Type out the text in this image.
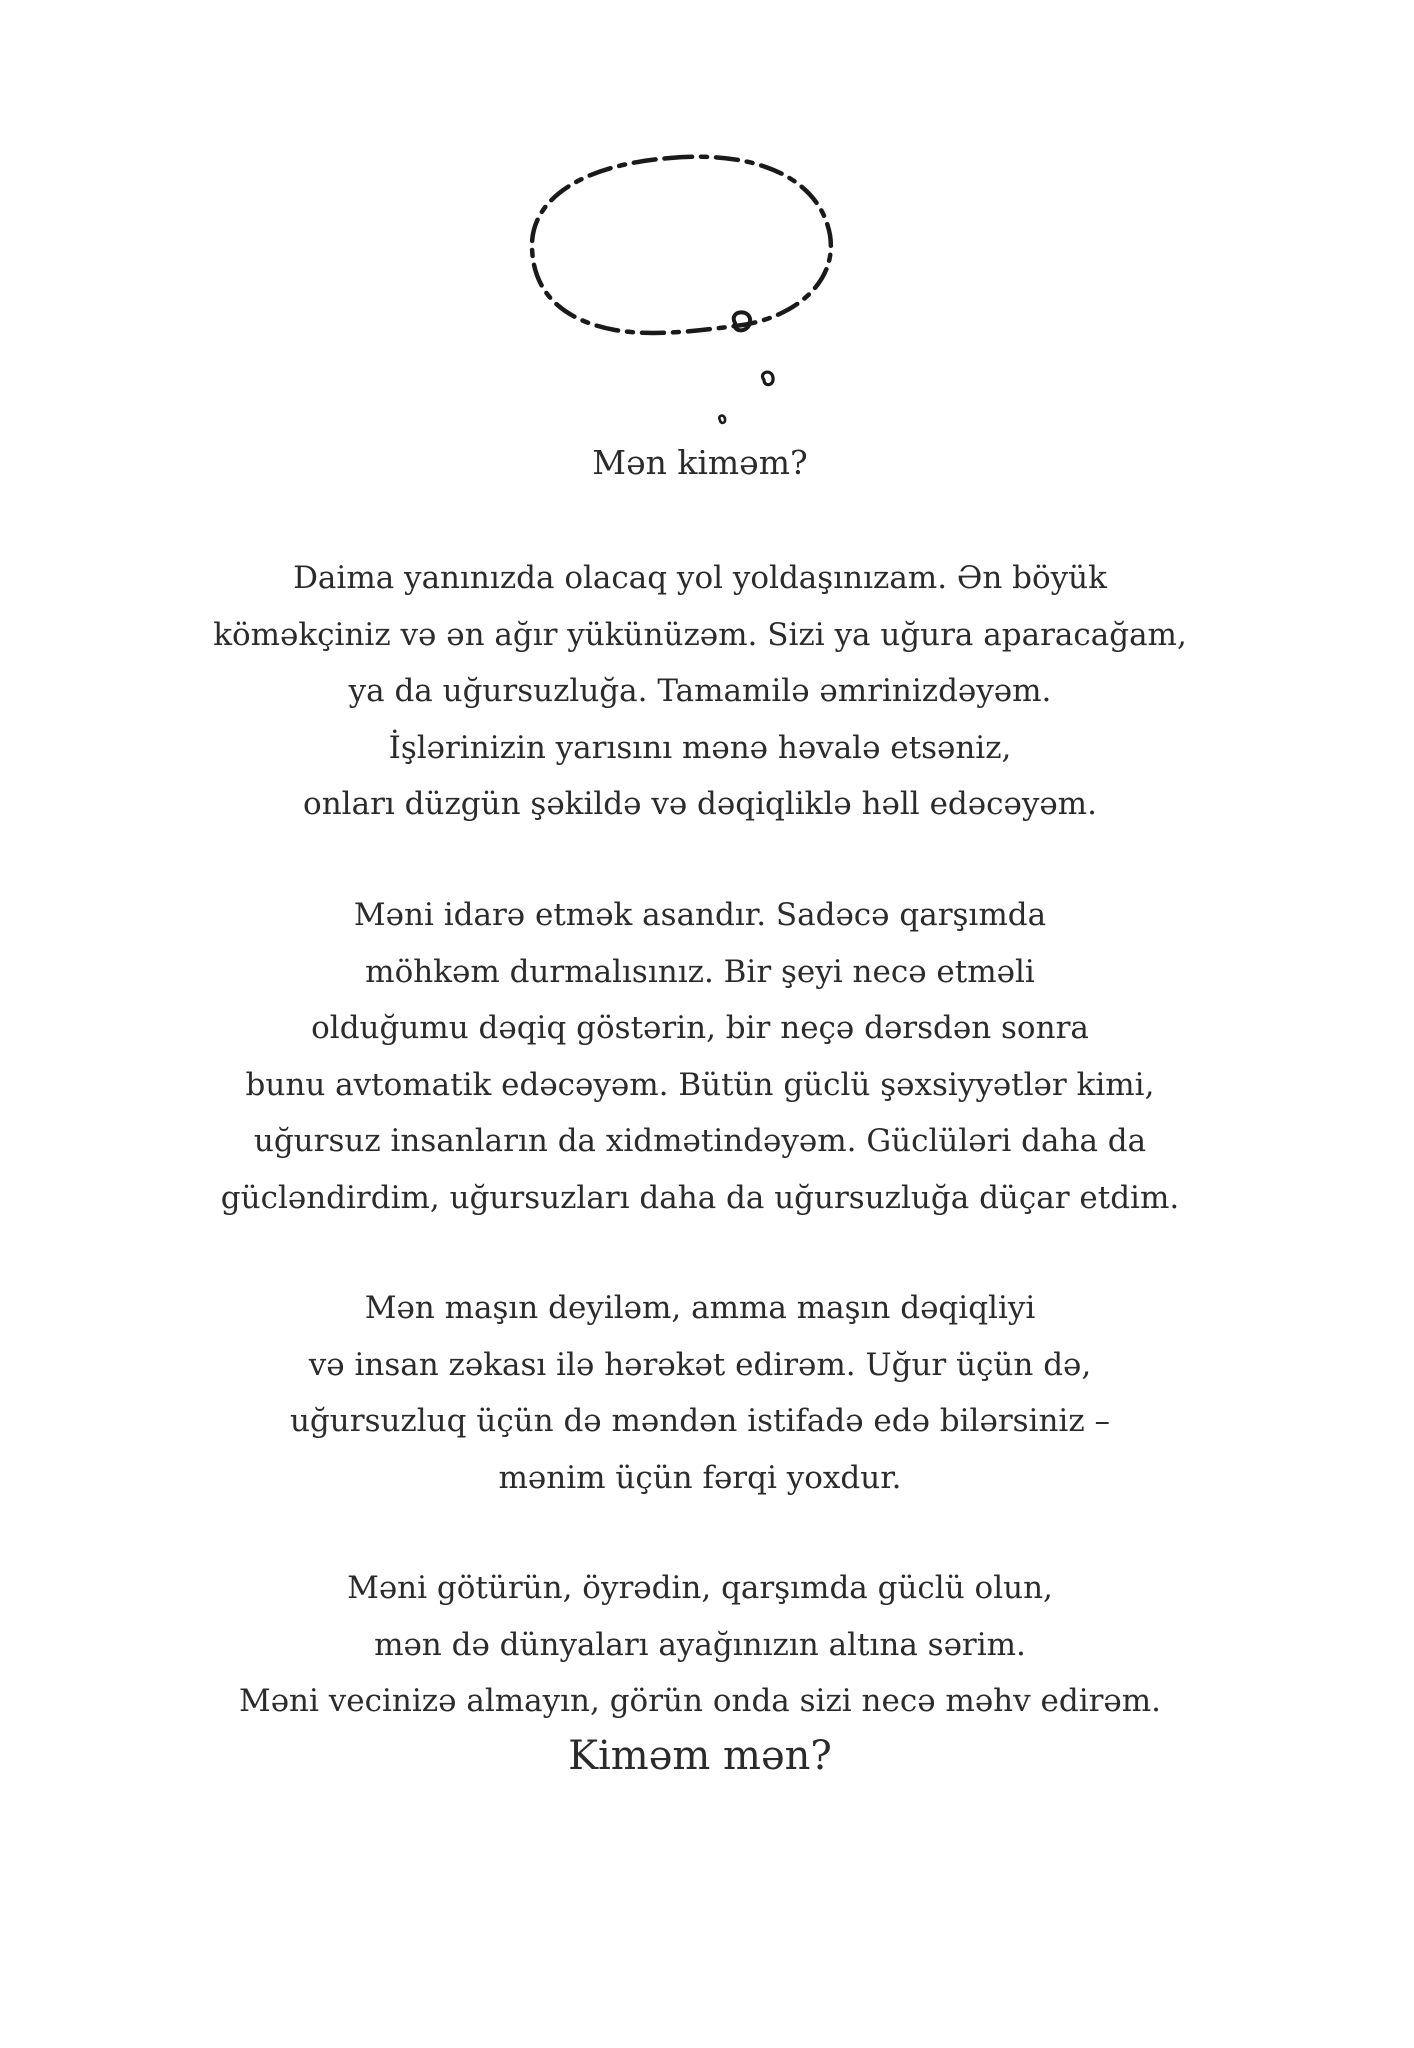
Mən kiməm?
Daima yanınızda olacaq yol yoldaşınızam. Ən böyük
köməkçiniz və ən ağır yükünüzəm. Sizi ya uğura aparacağam,
ya da uğursuzluğa. Tamamilə əmrinizdəyəm.
İşlərinizin yarısını mənə həvalə etsəniz,
onları düzgün şəkildə və dəqiqliklə həll edəcəyəm.
Məni idarə etmək asandır. Sadəcə qarşımda
möhkəm durmalısınız. Bir şeyi necə etməli
olduğumu dəqiq göstərin, bir neçə dərsdən sonra
bunu avtomatik edəcəyəm. Bütün güclü şəxsiyyətlər kimi,
uğursuz insanların da xidmətindəyəm. Güclüləri daha da
gücləndirdim, uğursuzları daha da uğursuzluğa düçar etdim.
Mən maşın deyiləm, amma maşın dəqiqliyi
və insan zəkası ilə hərəkət edirəm. Uğur üçün də,
uğursuzluq üçün də məndən istifadə edə bilərsiniz –
mənim üçün fərqi yoxdur.
Məni götürün, öyrədin, qarşımda güclü olun,
mən də dünyaları ayağınızın altına sərim.
Məni vecinizə almayın, görün onda sizi necə məhv edirəm.
Kiməm mən?
